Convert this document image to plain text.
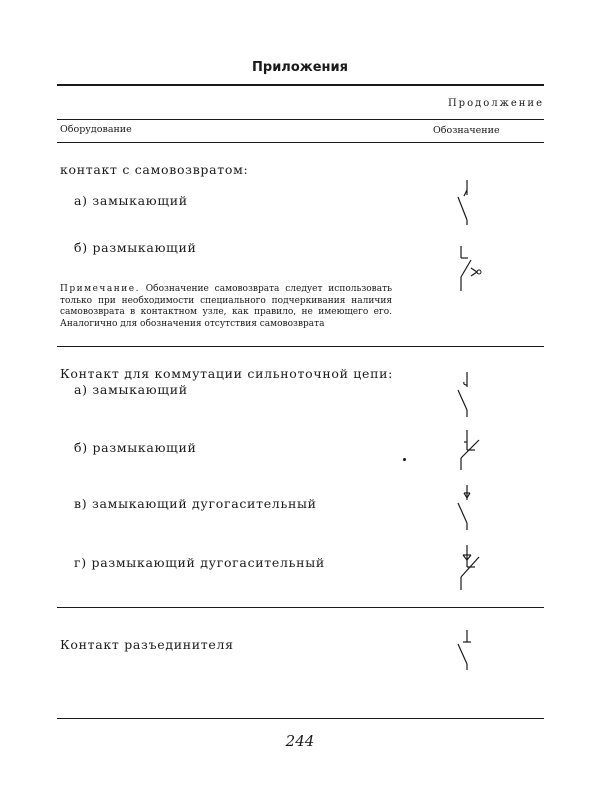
Приложения
Продолжение
Оборудование	Обозначение
контакт с самовозвратом:
а) замыкающий
б) размыкающий
Примечание. Обозначение самовозврата следует использовать только при необходимости специального подчеркивания наличия самовозврата в контактном узле, как правило, не имеющего его. Аналогично для обозначения отсутствия самовозврата
Контакт для коммутации сильноточной цепи:
а) замыкающий
б) размыкающий
в) замыкающий дугогасительный
г) размыкающий дугогасительный
Контакт разъединителя
244
